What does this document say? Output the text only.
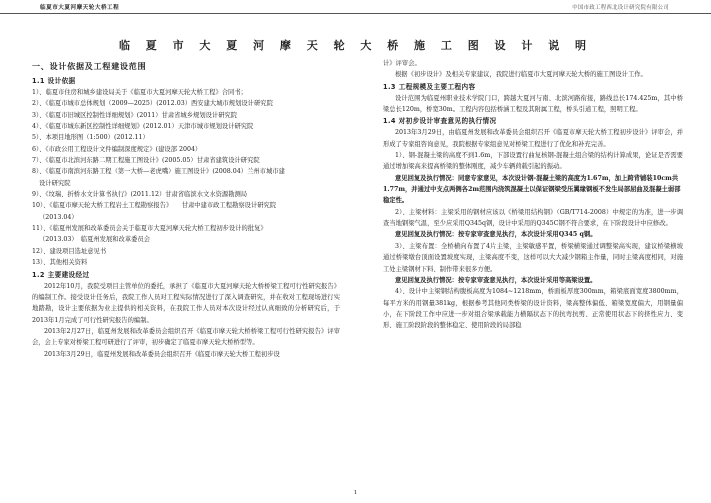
临夏市大夏河摩天轮大桥工程	中国市政工程西北设计研究院有限公司
临 夏 市 大 夏 河 摩 天 轮 大 桥 施 工 图 设 计 说 明
一、设计依据及工程建设范围
1.1 设计依据
1）、临夏市住房和城乡建设局关于《临夏市大夏河摩天轮大桥工程》合同书；
2）、《临夏市城市总体规划（2009—2025）(2012.03）西安建大城市规划设计研究院
3）、《临夏市旧城区控制性详细规划》(2011）甘肃省城乡规划设计研究院
4）、《临夏市城东新区控制性详细规划》(2012.01）天津市城市规划设计研究院
5）、本项目地形图（1:500）(2012.11）
6）、《市政公用工程设计文件编制深度规定》(建设部 2004）
7）、《临夏市北滨河东路二期工程施工图设计》(2005.05）甘肃省建筑设计研究院
8）、《临夏市南滨河东路工程（第一大桥—老虎嘴）施工图设计》(2008.04）兰州市城市建
设计研究院
9）、《坟瑞、折桥水文计算书执行》(2011.12）甘肃省临滨水文水资源勘测局
10）、《临夏市摩天轮大桥工程岩土工程勘察报告》　　甘肃中建市政工程勘察设计研究院
（2013.04）
11）、《临夏州发展和改革委员会关于临夏市大夏河摩天轮大桥工程初步设计的批复》
（2013.03）　临夏州发展和改革委员会
12）、建设项目选址意见书
13）、其他相关资料
1.2 主要建设经过
2012年10月，我院受项目主管单位的委托，承担了《临夏市大夏河摩天轮大桥桥梁工程可行性研究报告》的编制工作。接受设计任务后，我院工作人员对工程实际情况进行了深入调查研究，并在收对工程现场进行实地踏勘，设计主要依据为业主提供的相关资料，在我院工作人员对本次设计经过认真细致的分析研究后，于2013年1月完成了可行性研究报告的编制。
2013年2月27日，临夏州发展和改革委员会组织召开《临夏市摩天轮大桥桥梁工程可行性研究报告》评审会，会上专家对桥梁工程可研进行了评审，初步确定了临夏市摩天轮大桥桥型等。
2013年3月29日，临夏州发展和改革委员会组织召开《临夏市摩天轮大桥工程初步设
计》评审会。
根据《初步设计》及相关专家建议，我院进行临夏市大夏河摩天轮大桥的施工图设计工作。
1.3 工程规模及主要工程内容
设计范围为临夏州职业技术学院门口，跨越大夏河与南、北滨河路衔接，路线总长174.425m，其中桥梁总长120m，桥宽30m。工程内容包括桥涵工程及其附属工程，桥头引道工程，照明工程。
1.4 对初步设计审查意见的执行情况
2013年3月29日，由临夏州发展和改革委员会组织召开《临夏市摩天轮大桥工程初步设计》评审会，并形成了专家组咨询意见，我院根据专家组意见对桥梁工程进行了优化和补充完善。
1）、钢-混凝土梁的高度不到1.6m，下部设置行曲复核钢-混凝土组合梁的结构计算成果，论证是否需要通过增加梁高来提高桥梁的整体刚度，减少车辆荷载引起的振动。
意见回复及执行情况：同意专家意见，本次设计钢-混凝土梁的高度为1.67m，加上跨背铺装10cm共1.77m，并通过中支点两侧各2m范围内浇筑混凝土以保证钢梁受压翼缘钢板不发生局部屈曲及混凝土弱部稳定性。
2）、主梁材料：主梁采用的钢材应该以《桥梁用结构钢》（GB/T714-2008）中规定的为准，进一步调查当地钢梁气温，至少应采用Q345q钢，设计中采用的Q345C钢不符合要求，在下阶段设计中应修改。
意见回复及执行情况：按专家审查意见执行，本次设计采用Q345 q钢。
3）、主梁布置：全桥横向布置了4片主梁，主梁敏感平置，桥梁横梁通过调整梁高实现，建议桥梁横坡通过桥梁墩台顶面设置坡度实现，主梁高度不变，这样可以大大减少钢箱主作量，同时主梁高度相同，对施工处主梁钢材下料、制作带来很多方便。
意见回复及执行情况：按专家审查意见执行，本次设计采用等高梁设置。
4）、设计中主梁钢结构腹板高度为1084~1218mm，桥面板厚度300mm，箱梁底面宽度3800mm，每平方米的用钢量381kg，根据参考其他同类桥梁的设计资料，梁高整体偏低、箱梁宽度偏大，用钢量偏小，在下阶段工作中应进一步对组合梁承载能力横隔状态下的抗弯抗剪、正常使用状态下的挤性应力、变形、施工阶段阶段的整体稳定、使用阶段的局部稳
1
